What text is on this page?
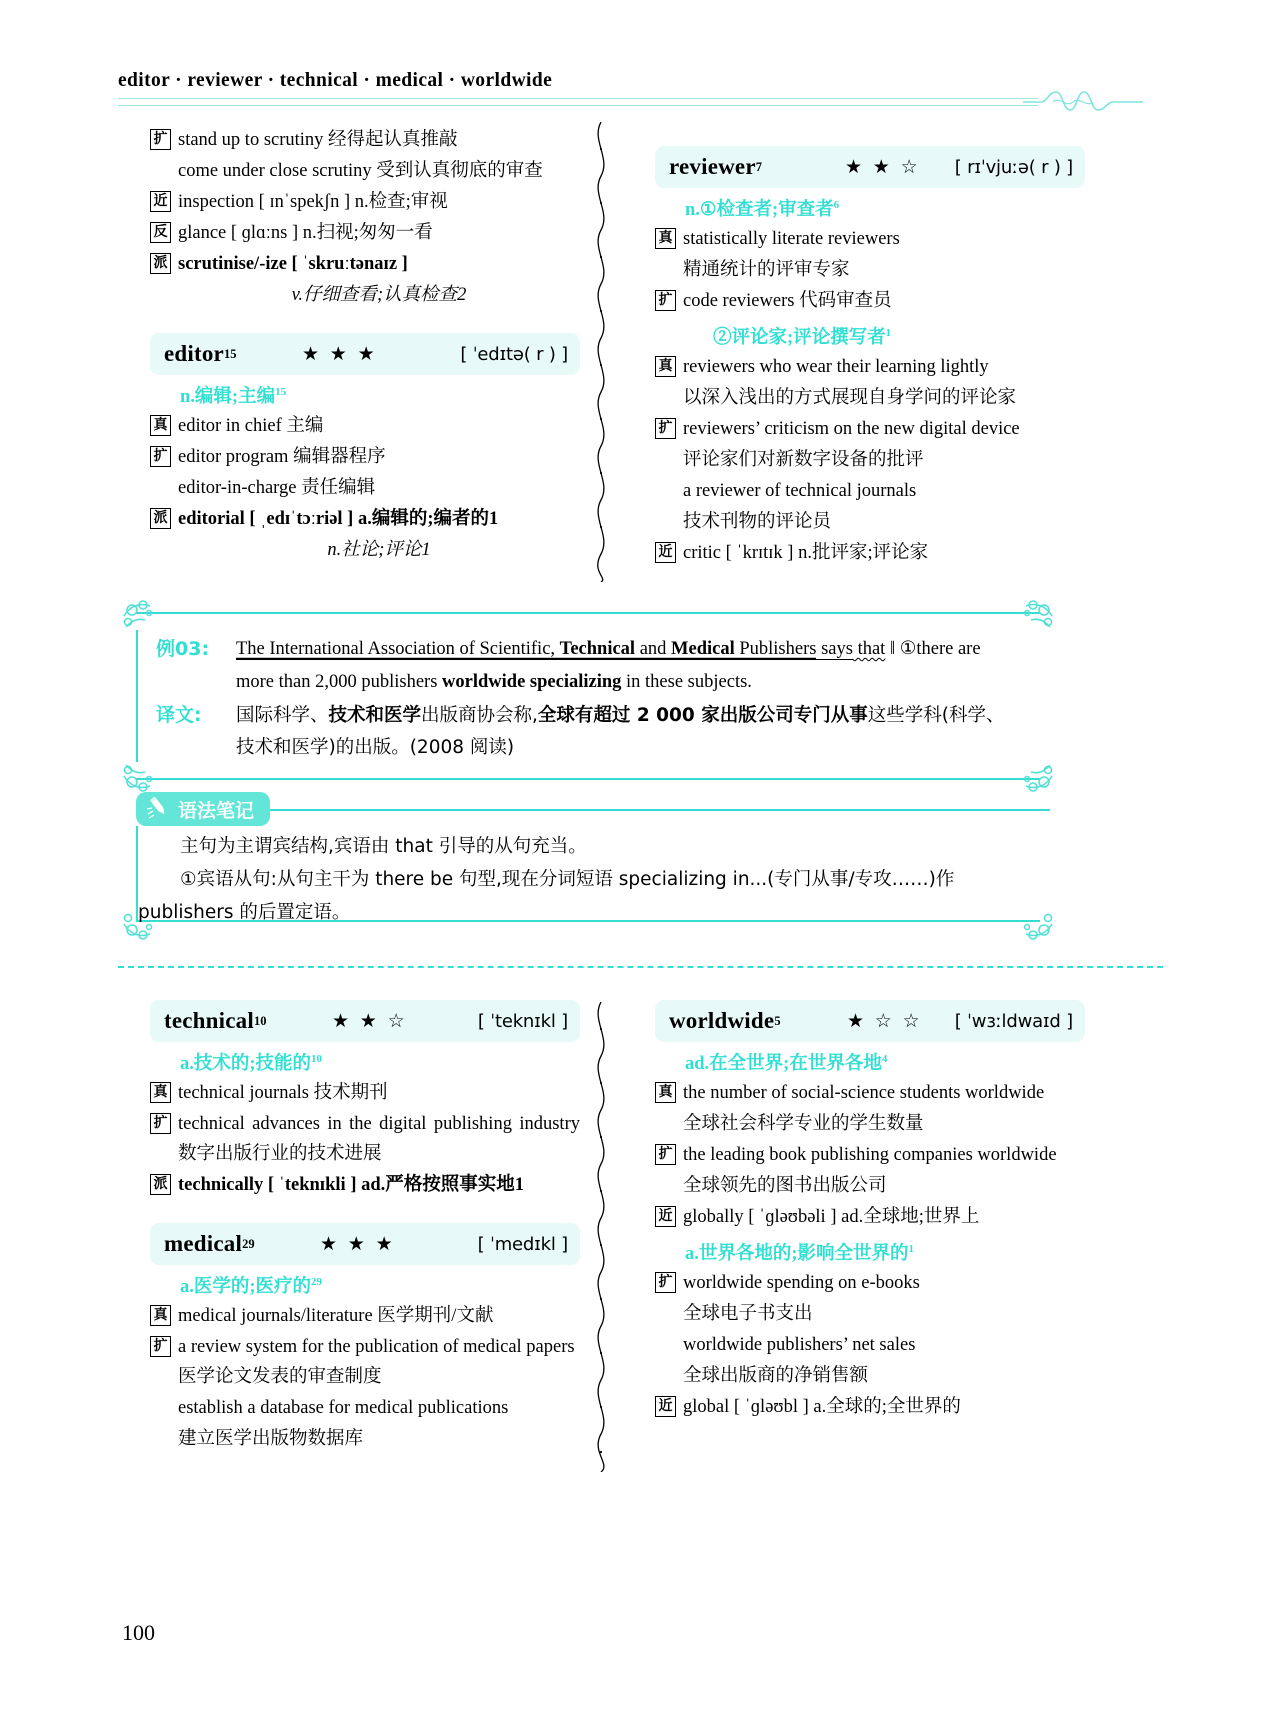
editor · reviewer · technical · medical · worldwide
扩 stand up to scrutiny 经得起认真推敲
come under close scrutiny 受到认真彻底的审查
近 inspection [ ɪnˈspekʃn ] n.检查;审视
反 glance [ ɡlɑːns ] n.扫视;匆匆一看
派 scrutinise/-ize [ ˈskruːtənaɪz ]
v.仔细查看;认真检查2
editor 15	★ ★ ★	[ ˈedɪtə( r ) ]
n.编辑;主编$^{15}$
真 editor in chief 主编
扩 editor program 编辑器程序
editor-in-charge 责任编辑
派 editorial [ ˌedɪˈtɔːriəl ] a.编辑的;编者的1
n.社论;评论1
reviewer 7	★ ★ ☆ [ rɪˈvjuːə( r ) ]
n.①检查者;审查者$^6$
真 statistically literate reviewers
精通统计的评审专家
扩 code reviewers 代码审查员
②评论家;评论撰写者$^1$
真 reviewers who wear their learning lightly
以深入浅出的方式展现自身学问的评论家
扩 reviewers’ criticism on the new digital device
评论家们对新数字设备的批评
a reviewer of technical journals
技术刊物的评论员
近 critic [ ˈkrɪtɪk ] n.批评家;评论家
例03: The International Association of Scientific, Technical and Medical Publishers says that ‖ ①there are
more than 2,000 publishers worldwide specializing in these subjects.
译文: 国际科学、技术和医学出版商协会称,全球有超过 2 000 家出版公司专门从事这些学科(科学、技术和医学)的出版。(2008 阅读)
语法笔记
主句为主谓宾结构,宾语由 that 引导的从句充当。
①宾语从句:从句主干为 there be 句型,现在分词短语 specializing in...(专门从事/专攻……)作
publishers 的后置定语。
technical 10	★ ★ ☆	[ ˈteknɪkl ]
a.技术的;技能的$^{10}$
真 technical journals 技术期刊
扩 technical advances in the digital publishing industry 数字出版行业的技术进展
派 technically [ ˈteknɪkli ] ad.严格按照事实地1
medical 29	★ ★ ★	[ ˈmedɪkl ]
a.医学的;医疗的$^{29}$
真 medical journals/literature 医学期刊/文献
扩 a review system for the publication of medical papers 医学论文发表的审查制度
establish a database for medical publications
建立医学出版物数据库
worldwide 5	★ ☆ ☆ [ ˈwɜːldwaɪd ]
ad.在全世界;在世界各地$^4$
真 the number of social-science students worldwide
全球社会科学专业的学生数量
扩 the leading book publishing companies worldwide
全球领先的图书出版公司
近 globally [ ˈɡləʊbəli ] ad.全球地;世界上
a.世界各地的;影响全世界的$^1$
扩 worldwide spending on e-books
全球电子书支出
worldwide publishers’ net sales
全球出版商的净销售额
近 global [ ˈɡləʊbl ] a.全球的;全世界的
100
